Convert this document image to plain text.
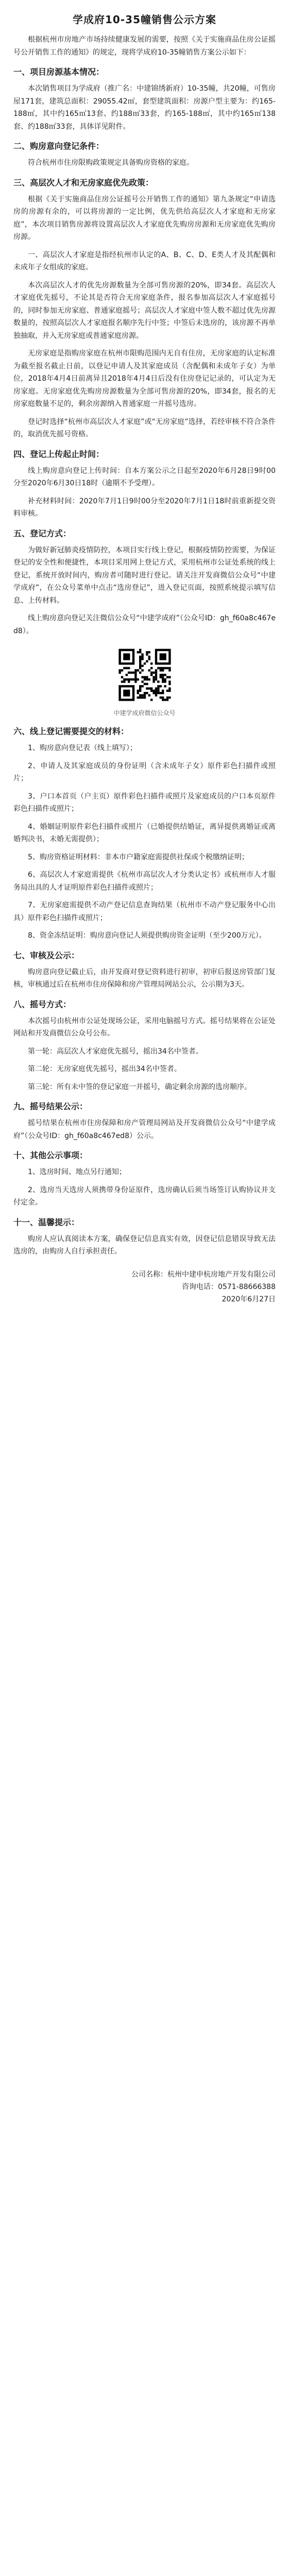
学成府10-35幢销售公示方案

根据杭州市房地产市场持续健康发展的需要，按照《关于实施商品住房公证摇号公开销售工作的通知》的规定，现将学成府10-35幢销售方案公示如下：

一、项目房源基本情况：

本次销售项目为学成府（推广名：中建锦绣新府）10-35幢，共20幢，可售房屋171套，建筑总面积：29055.42㎡，套型建筑面积：房源户型主要为：约165-188㎡，其中约165㎡13套、约188㎡33套，约165-188㎡，其中约165㎡138套、约188㎡33套，具体详见附件。

二、购房意向登记条件：

符合杭州市住房限购政策规定具备购房资格的家庭。

三、高层次人才和无房家庭优先政策：

根据《关于实施商品住房公证摇号公开销售工作的通知》第九条规定“申请选房的房源有余的，可以将房源的一定比例，优先供给高层次人才家庭和无房家庭”，本次项目销售房源将设置高层次人才家庭优先购房房源和无房家庭优先购房房源。

一、高层次人才家庭是指经杭州市认定的A、B、C、D、E类人才及其配偶和未成年子女组成的家庭。

本次高层次人才的优先房源数量为全部可售房源的20%，即34套。高层次人才家庭优先摇号，不论其是否符合无房家庭条件，报名参加高层次人才家庭摇号的，同时参加无房家庭、普通家庭摇号；高层次人才家庭中签人数不超过优先房源数量的，按照高层次人才家庭报名顺序先行中签；中签后未选房的，该房源不再单独抽取，并入无房家庭或普通家庭房源。

无房家庭是指购房家庭在杭州市限购范围内无自有住房，无房家庭的认定标准为截至报名截止日前，以登记申请人及其家庭成员（含配偶和未成年子女）为单位，2018年4月4日前离异且2018年4月4日后没有住房登记记录的，可认定为无房家庭。无房家庭优先购房房源数量为全部可售房源的20%，即34套，报名的无房家庭数量不足的，剩余房源纳入普通家庭一并摇号选房。

登记时选择“杭州市高层次人才家庭”或“无房家庭”选择，若经审核不符合条件的，取消优先摇号资格。

四、登记上传起止时间：

线上购房意向登记上传时间：自本方案公示之日起至2020年6月28日9时00分至2020年6月30日18时（逾期不予受理）。

补充材料时间：2020年7月1日9时00分至2020年7月1日18时前重新提交资料审核。

五、登记方式：

为做好新冠肺炎疫情防控，本项目实行线上登记，根据疫情防控需要，为保证登记的安全性和便捷性，本项目采用网上登记方式，采用杭州市公证处系统的线上登记，系统开放时间内，购房者可随时进行登记。请关注开发商微信公众号“中建学成府”，在公众号菜单中点击“选房登记”，进入登记页面，按照系统提示填写信息、上传材料。

线上购房意向登记关注微信公众号“中建学成府”（公众号ID：gh_f60a8c467ed8）。

中建学成府微信公众号
六、线上登记需要提交的材料：

1、购房意向登记表（线上填写）；

2、申请人及其家庭成员的身份证明（含未成年子女）原件彩色扫描件或照片；

3、户口本首页（户主页）原件彩色扫描件或照片及家庭成员的户口本页原件彩色扫描件或照片；

4、婚姻证明原件彩色扫描件或照片（已婚提供结婚证，离异提供离婚证或离婚判决书，未婚无需提供）；

5、购房资格证明材料：非本市户籍家庭需提供社保或个税缴纳证明；

6、高层次人才家庭需提供《杭州市高层次人才分类认定书》或杭州市人才服务局出具的人才证明原件彩色扫描件或照片；

7、无房家庭需提供不动产登记信息查询结果（杭州市不动产登记服务中心出具）原件彩色扫描件或照片；

8、资金冻结证明：购房意向登记人须提供购房资金证明（至少200万元）。

七、审核及公示：

购房意向登记截止后，由开发商对登记资料进行初审，初审后报送房管部门复核，审核通过后在杭州市住房保障和房产管理局网站公示，公示期为3天。

八、摇号方式：

本次摇号由杭州市公证处现场公证，采用电脑摇号方式。摇号结果将在公证处网站和开发商微信公众号公布。

第一轮：高层次人才家庭优先摇号，摇出34名中签者。

第二轮：无房家庭优先摇号，摇出34名中签者。

第三轮：所有未中签的登记家庭一并摇号，确定剩余房源的选房顺序。

九、摇号结果公示：

摇号结果在杭州市住房保障和房产管理局网站及开发商微信公众号“中建学成府”（公众号ID：gh_f60a8c467ed8）公示。

十、其他公示事项：

1、选房时间、地点另行通知；

2、选房当天选房人须携带身份证原件，选房确认后须当场签订认购协议并支付定金。

十一、温馨提示：

购房人应认真阅读本方案，确保登记信息真实有效，因登记信息错误导致无法选房的，由购房人自行承担责任。

公司名称：杭州中建申杭房地产开发有限公司
咨询电话：0571-88666388
2020年6月27日
